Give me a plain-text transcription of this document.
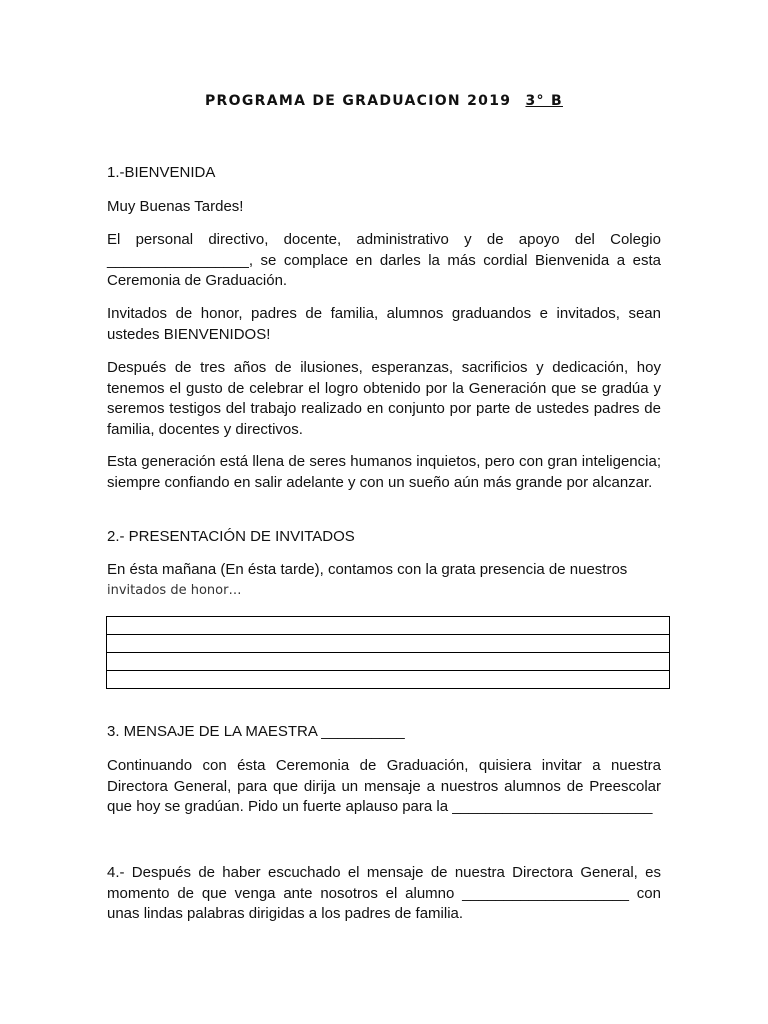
PROGRAMA DE GRADUACION 2019 3° B
1.-BIENVENIDA
Muy Buenas Tardes!
El personal directivo, docente, administrativo y de apoyo del Colegio _________________, se complace en darles la más cordial Bienvenida a esta Ceremonia de Graduación.
Invitados de honor, padres de familia, alumnos graduandos e invitados, sean ustedes BIENVENIDOS!
Después de tres años de ilusiones, esperanzas, sacrificios y dedicación, hoy tenemos el gusto de celebrar el logro obtenido por la Generación que se gradúa y seremos testigos del trabajo realizado en conjunto por parte de ustedes padres de familia, docentes y directivos.
Esta generación está llena de seres humanos inquietos, pero con gran inteligencia; siempre confiando en salir adelante y con un sueño aún más grande por alcanzar.
2.- PRESENTACIÓN DE INVITADOS
En ésta mañana (En ésta tarde), contamos con la grata presencia de nuestros
invitados de honor…

3. MENSAJE DE LA MAESTRA __________
Continuando con ésta Ceremonia de Graduación, quisiera invitar a nuestra Directora General, para que dirija un mensaje a nuestros alumnos de Preescolar que hoy se gradúan. Pido un fuerte aplauso para la ________________________
4.- Después de haber escuchado el mensaje de nuestra Directora General, es momento de que venga ante nosotros el alumno ____________________ con unas lindas palabras dirigidas a los padres de familia.
